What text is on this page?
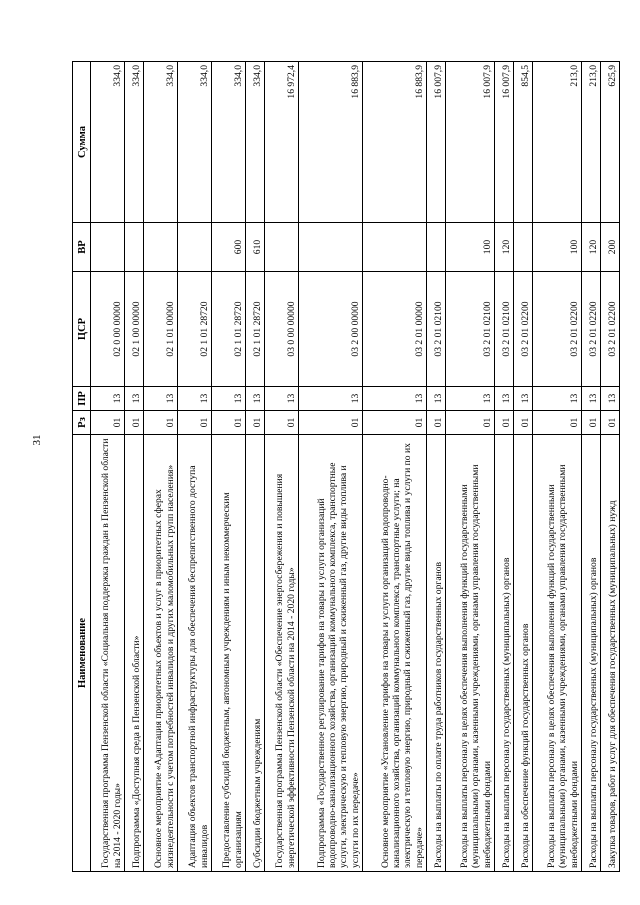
31
Наименование	Рз	ПР	ЦСР	ВР	Сумма
Государственная программа Пензенской области «Социальная поддержка граждан в Пензенской области на 2014 - 2020 годы»	01	13	02 0 00 00000		334,0
Подпрограмма «Доступная среда в Пензенской области»	01	13	02 1 00 00000		334,0
Основное мероприятие «Адаптация приоритетных объектов и услуг в приоритетных сферах жизнедеятельности с учетом потребностей инвалидов и других маломобильных групп населения»	01	13	02 1 01 00000		334,0
Адаптация объектов транспортной инфраструктуры для обеспечения беспрепятственного доступа инвалидов	01	13	02 1 01 28720		334,0
Предоставление субсидий бюджетным, автономным учреждениям и иным некоммерческим организациям	01	13	02 1 01 28720	600	334,0
Субсидии бюджетным учреждениям	01	13	02 1 01 28720	610	334,0
Государственная программа Пензенской области «Обеспечение энергосбережения и повышения энергетической эффективности Пензенской области на 2014 - 2020 годы»	01	13	03 0 00 00000		16 972,4
Подпрограмма «Государственное регулирование тарифов на товары и услуги организаций водопроводно-канализационного хозяйства, организаций коммунального комплекса, транспортные услуги, электрическую и тепловую энергию, природный и сжиженный газ, другие виды топлива и услуги по их передаче»	01	13	03 2 00 00000		16 883,9
Основное мероприятие «Установление тарифов на товары и услуги организаций водопроводно-канализационного хозяйства, организаций коммунального комплекса, транспортные услуги; на электрическую и тепловую энергию, природный и сжиженный газ, другие виды топлива и услуги по их передаче»	01	13	03 2 01 00000		16 883,9
Расходы на выплаты по оплате труда работников государственных органов	01	13	03 2 01 02100		16 007,9
Расходы на выплаты персоналу в целях обеспечения выполнения функций государственными (муниципальными) органами, казенными учреждениями, органами управления государственными внебюджетными фондами	01	13	03 2 01 02100	100	16 007,9
Расходы на выплаты персоналу государственных (муниципальных) органов	01	13	03 2 01 02100	120	16 007,9
Расходы на обеспечение функций государственных органов	01	13	03 2 01 02200		854,5
Расходы на выплаты персоналу в целях обеспечения выполнения функций государственными (муниципальными) органами, казенными учреждениями, органами управления государственными внебюджетными фондами	01	13	03 2 01 02200	100	213,0
Расходы на выплаты персоналу государственных (муниципальных) органов	01	13	03 2 01 02200	120	213,0
Закупка товаров, работ и услуг для обеспечения государственных (муниципальных) нужд	01	13	03 2 01 02200	200	625,9
